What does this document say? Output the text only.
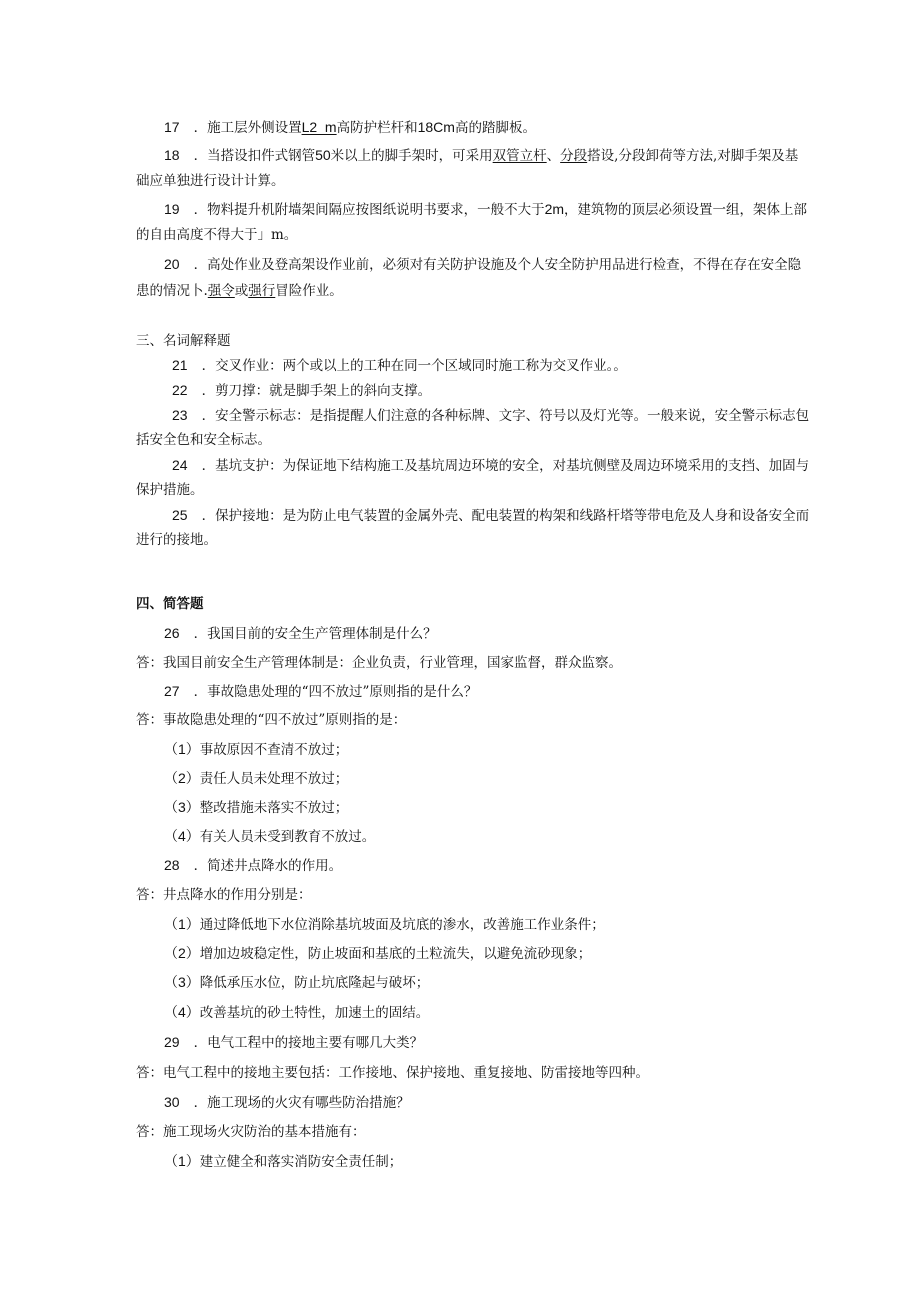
17 ．施工层外侧设置L2_m高防护栏杆和18Cm高的踏脚板。
18 ．当搭设扣件式钢管50米以上的脚手架时，可采用双管立杆、分段搭设,分段卸荷等方法,对脚手架及基
础应单独进行设计计算。
19 ．物料提升机附墙架间隔应按图纸说明书要求，一般不大于2m，建筑物的顶层必须设置一组，架体上部
的自由高度不得大于」m。
20 ．高处作业及登高架设作业前，必须对有关防护设施及个人安全防护用品进行检查，不得在存在安全隐
患的情况卜.强令或强行冒险作业。
三、名词解释题
21 ．交叉作业：两个或以上的工种在同一个区域同时施工称为交叉作业。。
22 ．剪刀撑：就是脚手架上的斜向支撑。
23 ．安全警示标志：是指提醒人们注意的各种标牌、文字、符号以及灯光等。一般来说，安全警示标志包
括安全色和安全标志。
24 ．基坑支护：为保证地下结构施工及基坑周边环境的安全，对基坑侧壁及周边环境采用的支挡、加固与
保护措施。
25 ．保护接地：是为防止电气装置的金属外壳、配电装置的构架和线路杆塔等带电危及人身和设备安全而
进行的接地。
四、简答题
26 ．我国目前的安全生产管理体制是什么？
答：我国目前安全生产管理体制是：企业负责，行业管理，国家监督，群众监察。
27 ．事故隐患处理的“四不放过”原则指的是什么？
答：事故隐患处理的“四不放过”原则指的是：
（1）事故原因不查清不放过；
（2）责任人员未处理不放过；
（3）整改措施未落实不放过；
（4）有关人员未受到教育不放过。
28 ．简述井点降水的作用。
答：井点降水的作用分别是：
（1）通过降低地下水位消除基坑坡面及坑底的渗水，改善施工作业条件；
（2）增加边坡稳定性，防止坡面和基底的土粒流失，以避免流砂现象；
（3）降低承压水位，防止坑底隆起与破坏；
（4）改善基坑的砂土特性，加速土的固结。
29 ．电气工程中的接地主要有哪几大类？
答：电气工程中的接地主要包括：工作接地、保护接地、重复接地、防雷接地等四种。
30 ．施工现场的火灾有哪些防治措施？
答：施工现场火灾防治的基本措施有：
（1）建立健全和落实消防安全责任制；
